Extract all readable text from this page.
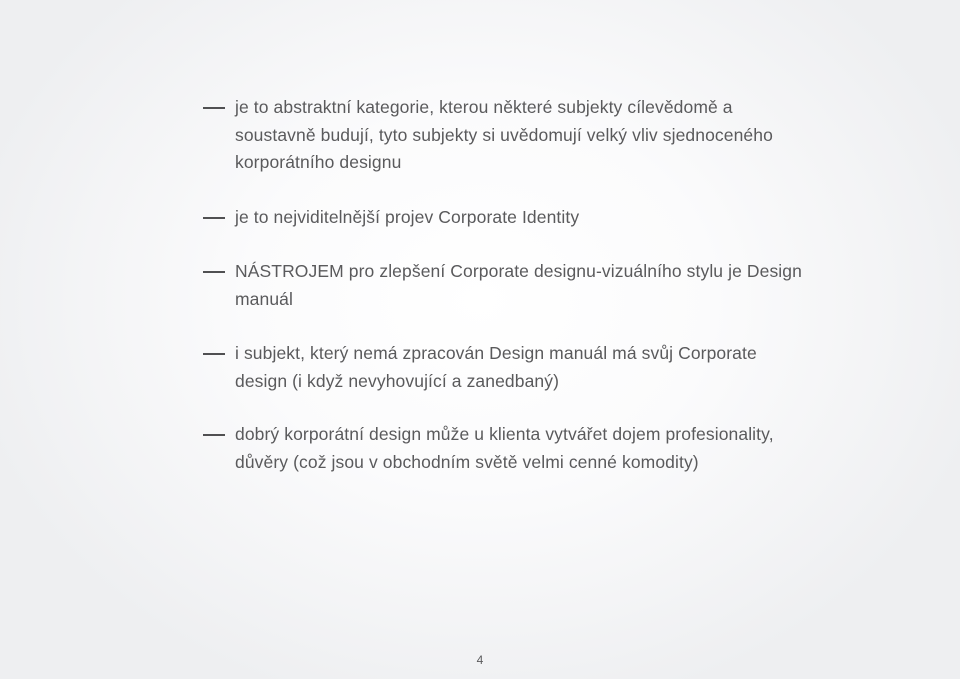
je to abstraktní kategorie, kterou některé subjekty cílevědomě a soustavně budují, tyto subjekty si uvědomují velký vliv sjednoceného korporátního designu
je to nejviditelnější projev Corporate Identity
NÁSTROJEM pro zlepšení Corporate designu-vizuálního stylu je Design manuál
i subjekt, který nemá zpracován Design manuál má svůj Corporate design (i když nevyhovující a zanedbaný)
dobrý korporátní design může u klienta vytvářet dojem profesionality, důvěry (což jsou v obchodním světě velmi cenné komodity)
4
